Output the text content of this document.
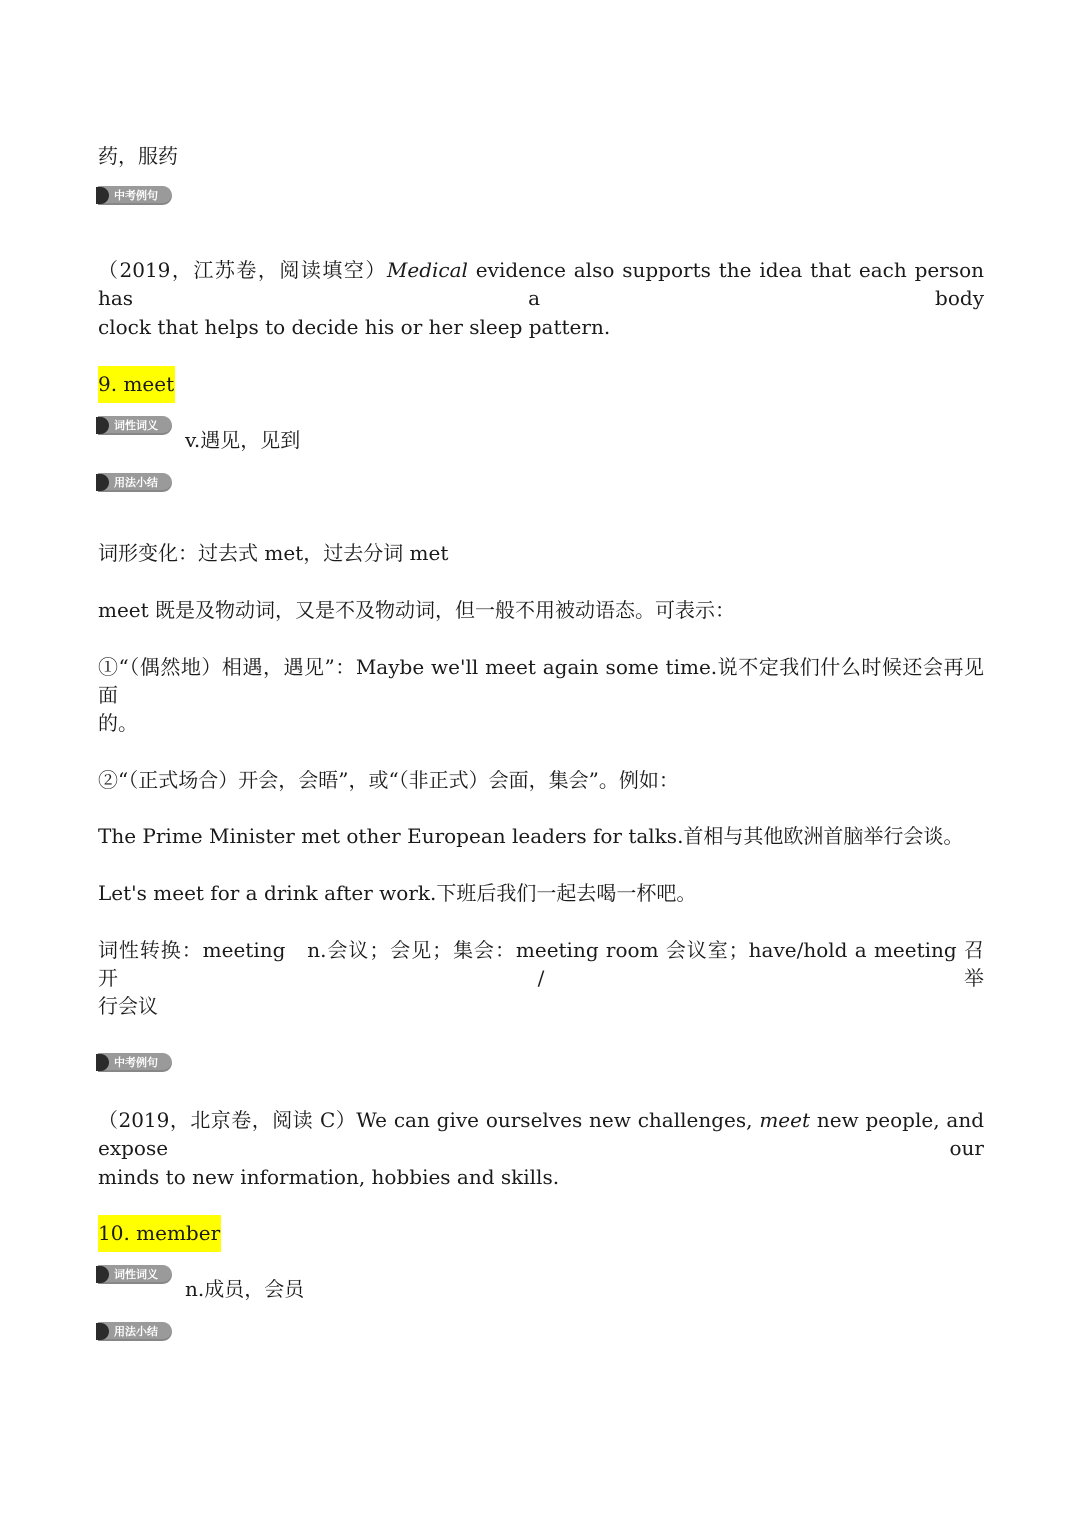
药，服药
中考例句
（2019，江苏卷，阅读填空）Medical evidence also supports the idea that each person has a body
clock that helps to decide his or her sleep pattern.
9. meet
词性词义
v.遇见，见到
用法小结
词形变化：过去式 met，过去分词 met
meet 既是及物动词，又是不及物动词，但一般不用被动语态。可表示：
①“（偶然地）相遇，遇见”：Maybe we'll meet again some time.说不定我们什么时候还会再见面
的。
②“（正式场合）开会，会晤”，或“（非正式）会面，集会”。例如：
The Prime Minister met other European leaders for talks.首相与其他欧洲首脑举行会谈。
Let's meet for a drink after work.下班后我们一起去喝一杯吧。
词性转换：meeting　n.会议；会见；集会：meeting room 会议室；have/hold a meeting 召开/举
行会议
中考例句
（2019，北京卷，阅读 C）We can give ourselves new challenges, meet new people, and expose our
minds to new information, hobbies and skills.
10. member
词性词义
n.成员，会员
用法小结
